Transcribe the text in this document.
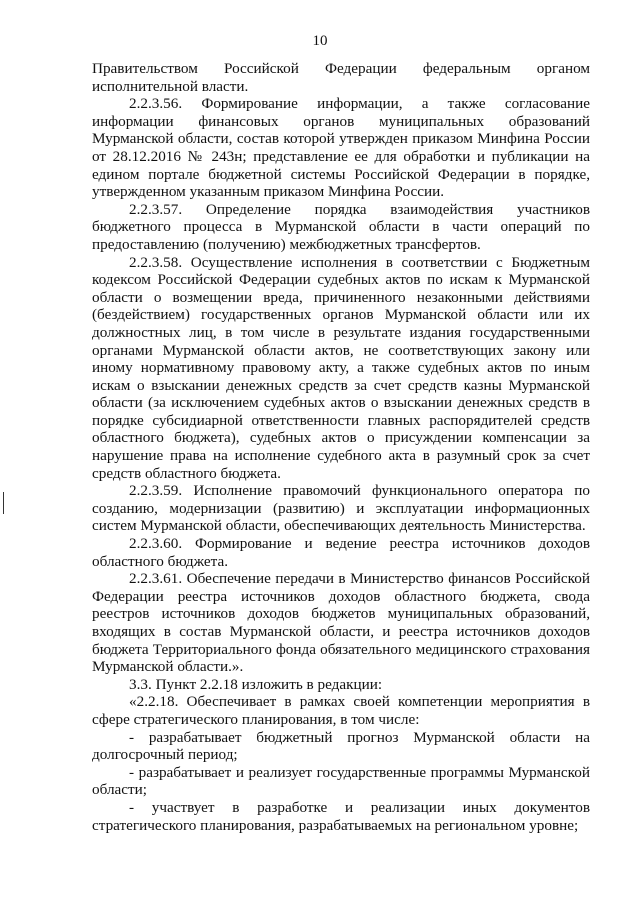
10

Правительством Российской Федерации федеральным органом исполнительной власти.

2.2.3.56. Формирование информации, а также согласование информации финансовых органов муниципальных образований Мурманской области, состав которой утвержден приказом Минфина России от 28.12.2016 № 243н; представление ее для обработки и публикации на едином портале бюджетной системы Российской Федерации в порядке, утвержденном указанным приказом Минфина России.

2.2.3.57. Определение порядка взаимодействия участников бюджетного процесса в Мурманской области в части операций по предоставлению (получению) межбюджетных трансфертов.

2.2.3.58. Осуществление исполнения в соответствии с Бюджетным кодексом Российской Федерации судебных актов по искам к Мурманской области о возмещении вреда, причиненного незаконными действиями (бездействием) государственных органов Мурманской области или их должностных лиц, в том числе в результате издания государственными органами Мурманской области актов, не соответствующих закону или иному нормативному правовому акту, а также судебных актов по иным искам о взыскании денежных средств за счет средств казны Мурманской области (за исключением судебных актов о взыскании денежных средств в порядке субсидиарной ответственности главных распорядителей средств областного бюджета), судебных актов о присуждении компенсации за нарушение права на исполнение судебного акта в разумный срок за счет средств областного бюджета.

2.2.3.59. Исполнение правомочий функционального оператора по созданию, модернизации (развитию) и эксплуатации информационных систем Мурманской области, обеспечивающих деятельность Министерства.

2.2.3.60. Формирование и ведение реестра источников доходов областного бюджета.

2.2.3.61. Обеспечение передачи в Министерство финансов Российской Федерации реестра источников доходов областного бюджета, свода реестров источников доходов бюджетов муниципальных образований, входящих в состав Мурманской области, и реестра источников доходов бюджета Территориального фонда обязательного медицинского страхования Мурманской области.».

3.3. Пункт 2.2.18 изложить в редакции:

«2.2.18. Обеспечивает в рамках своей компетенции мероприятия в сфере стратегического планирования, в том числе:

- разрабатывает бюджетный прогноз Мурманской области на долгосрочный период;

- разрабатывает и реализует государственные программы Мурманской области;

- участвует в разработке и реализации иных документов стратегического планирования, разрабатываемых на региональном уровне;
